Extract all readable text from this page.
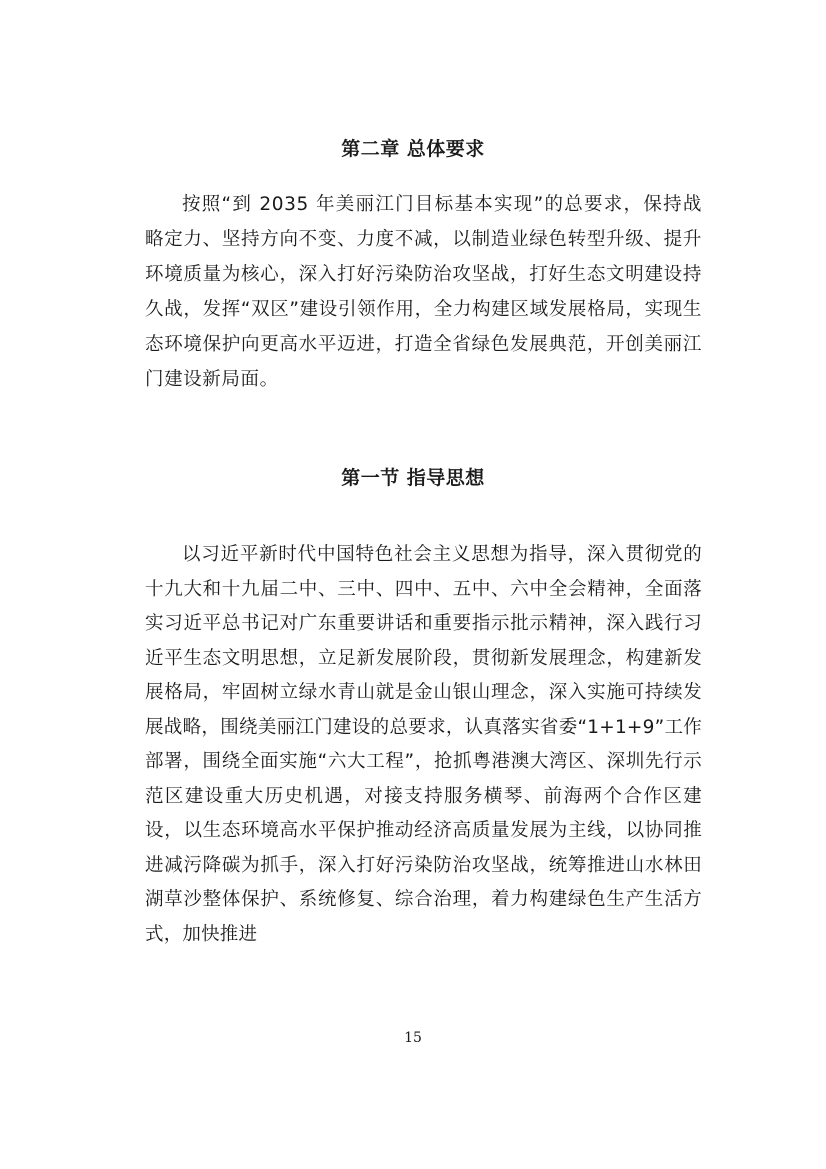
第二章 总体要求

按照“到 2035 年美丽江门目标基本实现”的总要求，保持战略定力、坚持方向不变、力度不减，以制造业绿色转型升级、提升环境质量为核心，深入打好污染防治攻坚战，打好生态文明建设持久战，发挥“双区”建设引领作用，全力构建区域发展格局，实现生态环境保护向更高水平迈进，打造全省绿色发展典范，开创美丽江门建设新局面。

第一节 指导思想

以习近平新时代中国特色社会主义思想为指导，深入贯彻党的十九大和十九届二中、三中、四中、五中、六中全会精神，全面落实习近平总书记对广东重要讲话和重要指示批示精神，深入践行习近平生态文明思想，立足新发展阶段，贯彻新发展理念，构建新发展格局，牢固树立绿水青山就是金山银山理念，深入实施可持续发展战略，围绕美丽江门建设的总要求，认真落实省委“1+1+9”工作部署，围绕全面实施“六大工程”，抢抓粤港澳大湾区、深圳先行示范区建设重大历史机遇，对接支持服务横琴、前海两个合作区建设，以生态环境高水平保护推动经济高质量发展为主线，以协同推进减污降碳为抓手，深入打好污染防治攻坚战，统筹推进山水林田湖草沙整体保护、系统修复、综合治理，着力构建绿色生产生活方式，加快推进

15
